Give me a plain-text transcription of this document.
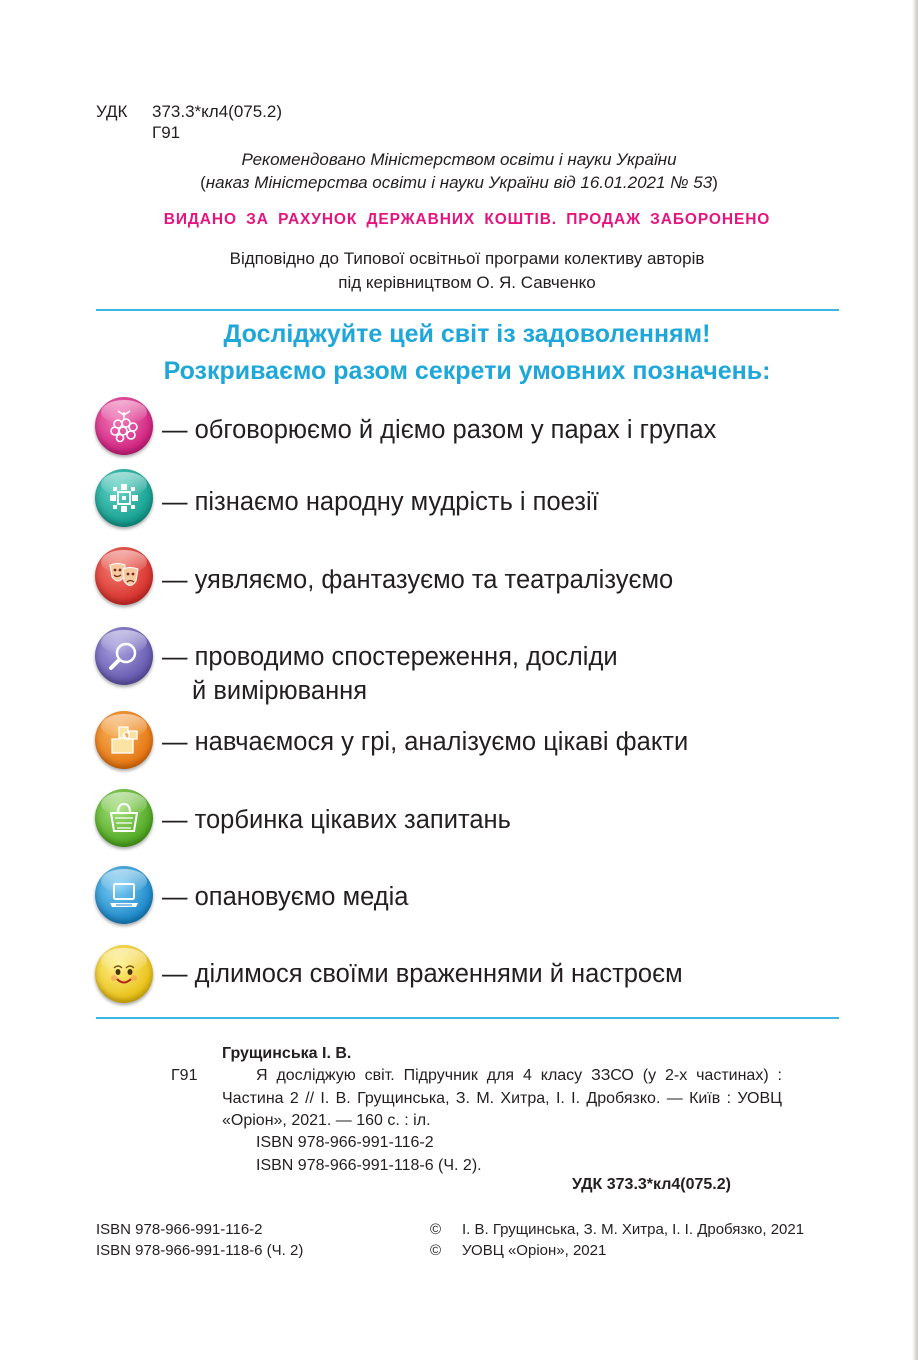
УДК 373.3*кл4(075.2)
Г91
Рекомендовано Міністерством освіти і науки України
(наказ Міністерства освіти і науки України від 16.01.2021 № 53)
ВИДАНО ЗА РАХУНОК ДЕРЖАВНИХ КОШТІВ. ПРОДАЖ ЗАБОРОНЕНО
Відповідно до Типової освітньої програми колективу авторів
під керівництвом О. Я. Савченко
Досліджуйте цей світ із задоволенням!
Розкриваємо разом секрети умовних позначень:
— обговорюємо й діємо разом у парах і групах
— пізнаємо народну мудрість і поезії
— уявляємо, фантазуємо та театралізуємо
— проводимо спостереження, досліди
й вимірювання
— навчаємося у грі, аналізуємо цікаві факти
— торбинка цікавих запитань
— опановуємо медіа
— ділимося своїми враженнями й настроєм
Грущинська І. В.
Г91	Я досліджую світ. Підручник для 4 класу ЗЗСО (у 2-х частинах) : Частина 2 // І. В. Грущинська, З. М. Хитра, І. І. Дробязко. — Київ : УОВЦ «Оріон», 2021. — 160 с. : іл.
ISBN 978-966-991-116-2
ISBN 978-966-991-118-6 (Ч. 2).
УДК 373.3*кл4(075.2)
ISBN 978-966-991-116-2
ISBN 978-966-991-118-6 (Ч. 2)
©
©
І. В. Грущинська, З. М. Хитра, І. І. Дробязко, 2021
УОВЦ «Оріон», 2021
